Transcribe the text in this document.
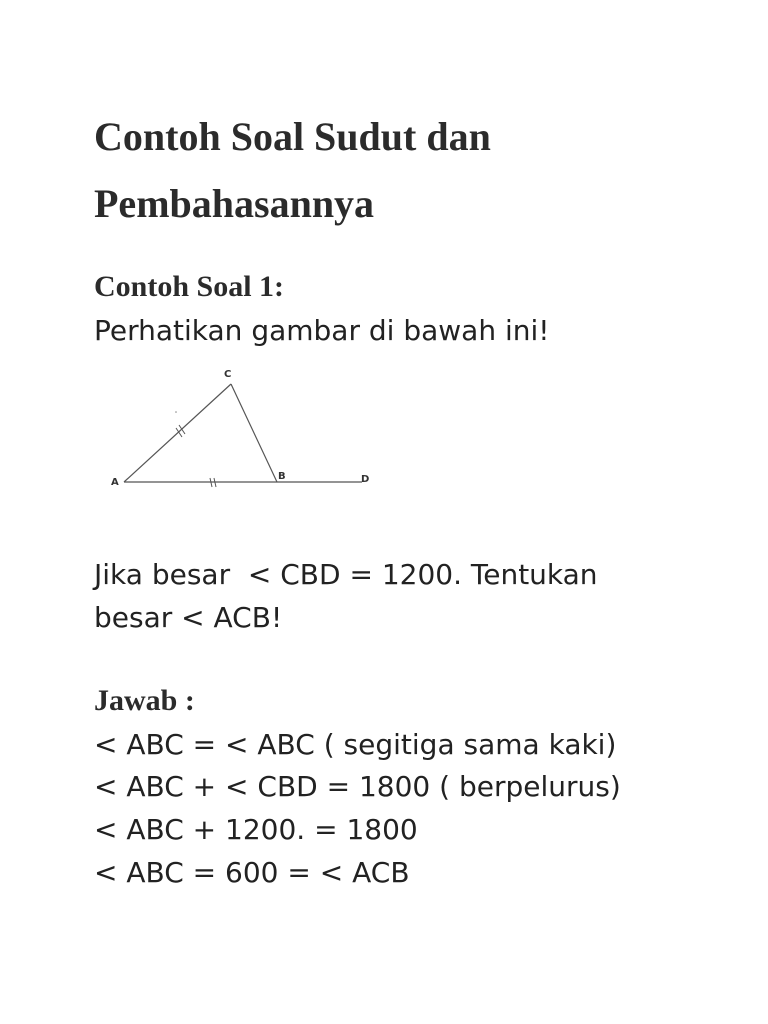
Contoh Soal Sudut dan Pembahasannya
Contoh Soal 1:

Perhatikan gambar di bawah ini!

Jika besar  < CBD = 1200. Tentukan

besar < ACB!

Jawab :

< ABC = < ABC ( segitiga sama kaki)

< ABC + < CBD = 1800 ( berpelurus)

< ABC + 1200. = 1800

< ABC = 600 = < ACB

A
B
C
D
